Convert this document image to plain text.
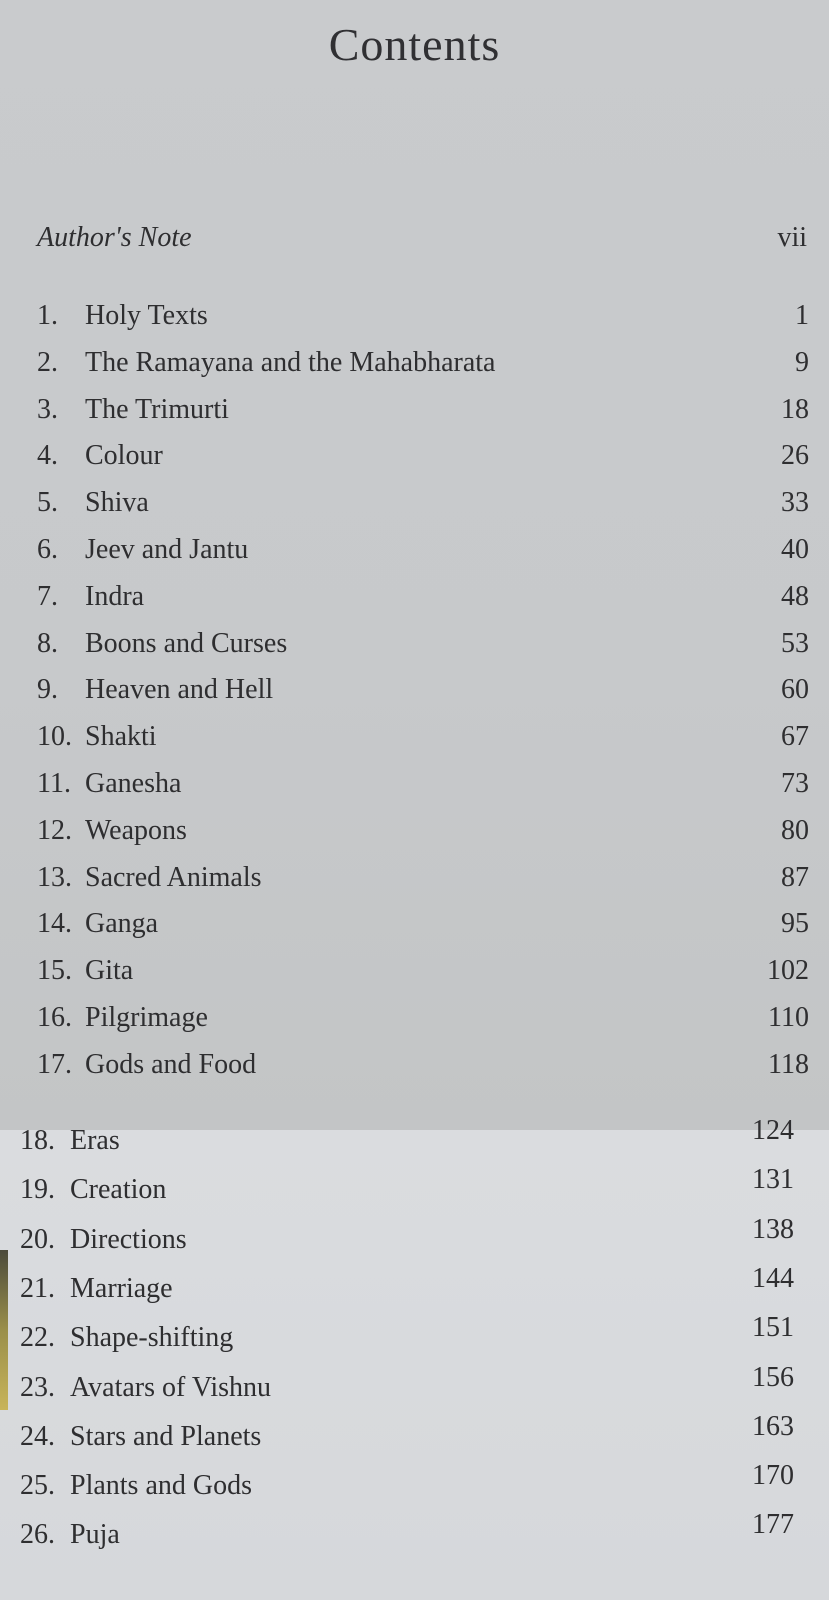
Contents
Author's Note	vii
1. Holy Texts	1
2. The Ramayana and the Mahabharata	9
3. The Trimurti	18
4. Colour	26
5. Shiva	33
6. Jeev and Jantu	40
7. Indra	48
8. Boons and Curses	53
9. Heaven and Hell	60
10. Shakti	67
11. Ganesha	73
12. Weapons	80
13. Sacred Animals	87
14. Ganga	95
15. Gita	102
16. Pilgrimage	110
17. Gods and Food	118
18. Eras	124
19. Creation	131
20. Directions	138
21. Marriage	144
22. Shape-shifting	151
23. Avatars of Vishnu	156
24. Stars and Planets	163
25. Plants and Gods	170
26. Puja	177
